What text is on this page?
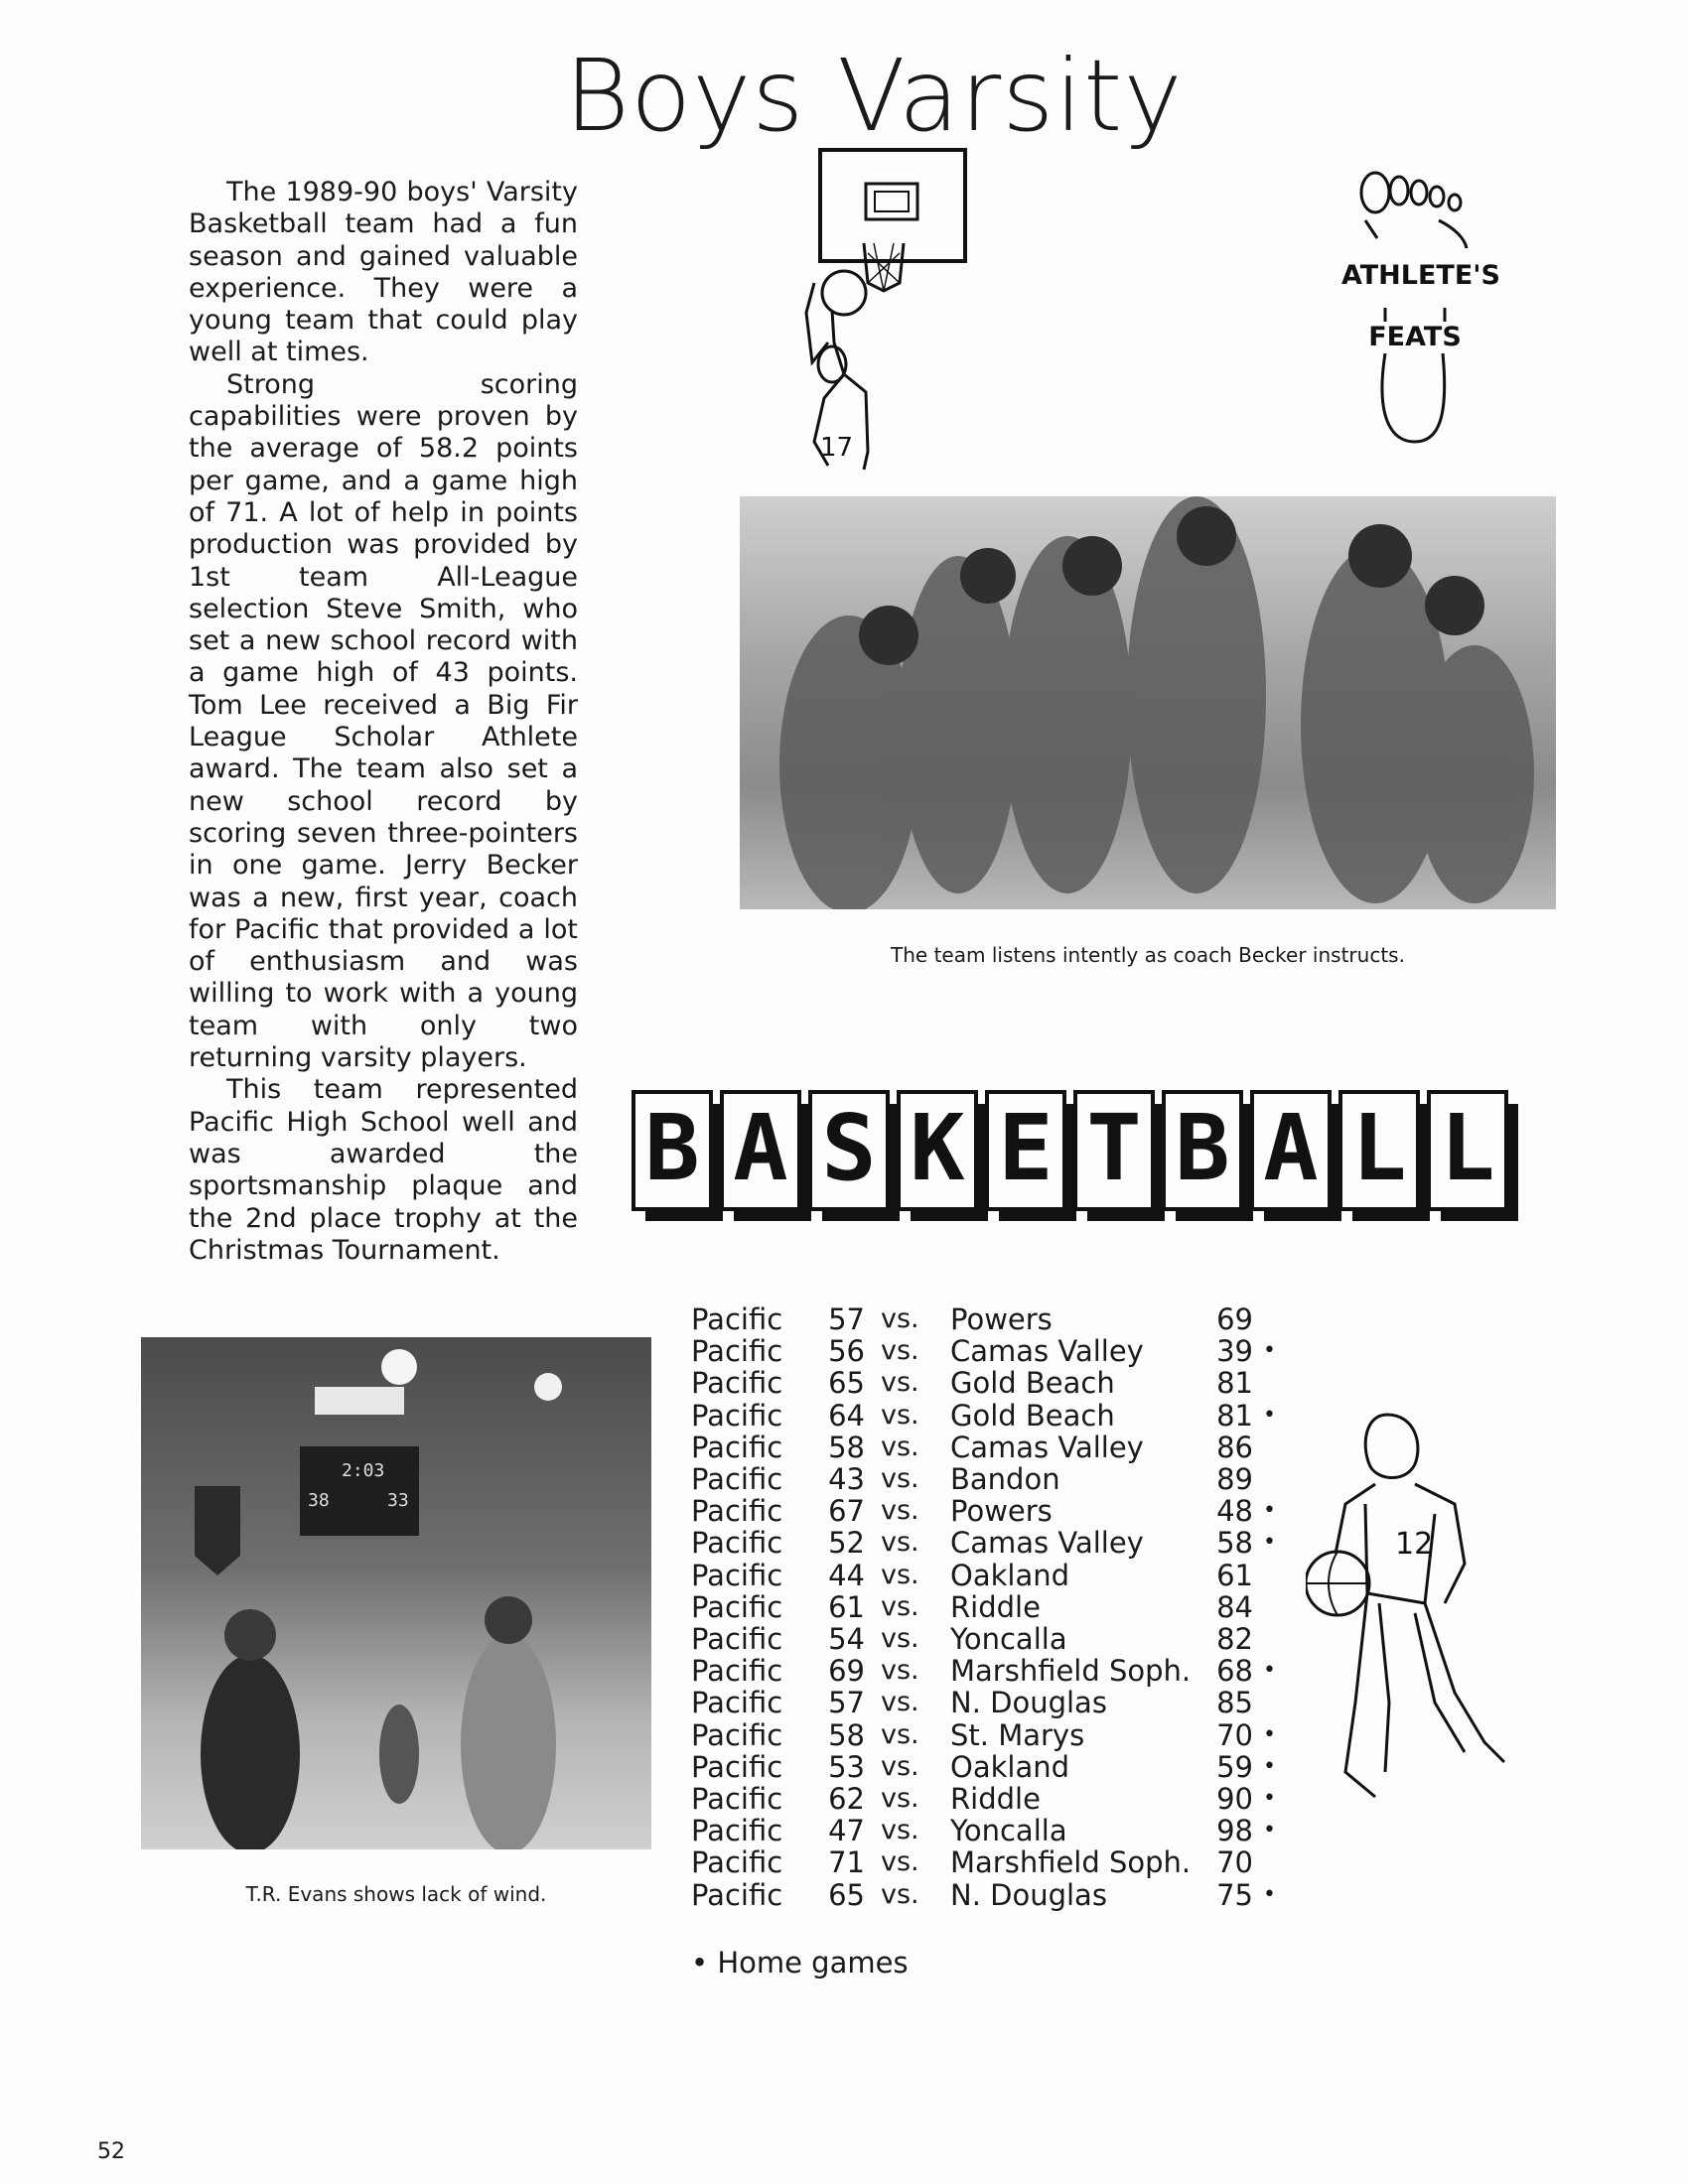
Boys Varsity

The 1989-90 boys' Varsity Basketball team had a fun season and gained valuable experience. They were a young team that could play well at times.

Strong scoring capabilities were proven by the average of 58.2 points per game, and a game high of 71. A lot of help in points production was provided by 1st team All-League selection Steve Smith, who set a new school record with a game high of 43 points. Tom Lee received a Big Fir League Scholar Athlete award. The team also set a new school record by scoring seven three-pointers in one game. Jerry Becker was a new, first year, coach for Pacific that provided a lot of enthusiasm and was willing to work with a young team with only two returning varsity players.

This team represented Pacific High School well and was awarded the sportsmanship plaque and the 2nd place trophy at the Christmas Tournament.

17
ATHLETE'S
FEATS
The team listens intently as coach Becker instructs.
B A S K E T B A L L
2:03
38	33
T.R. Evans shows lack of wind.
Pacific	57	vs.	Powers	69	
Pacific	56	vs.	Camas Valley	39	•
Pacific	65	vs.	Gold Beach	81	
Pacific	64	vs.	Gold Beach	81	•
Pacific	58	vs.	Camas Valley	86	
Pacific	43	vs.	Bandon	89	
Pacific	67	vs.	Powers	48	•
Pacific	52	vs.	Camas Valley	58	•
Pacific	44	vs.	Oakland	61	
Pacific	61	vs.	Riddle	84	
Pacific	54	vs.	Yoncalla	82	
Pacific	69	vs.	Marshfield Soph.	68	•
Pacific	57	vs.	N. Douglas	85	
Pacific	58	vs.	St. Marys	70	•
Pacific	53	vs.	Oakland	59	•
Pacific	62	vs.	Riddle	90	•
Pacific	47	vs.	Yoncalla	98	•
Pacific	71	vs.	Marshfield Soph.	70	
Pacific	65	vs.	N. Douglas	75	•
• Home games
12
52
